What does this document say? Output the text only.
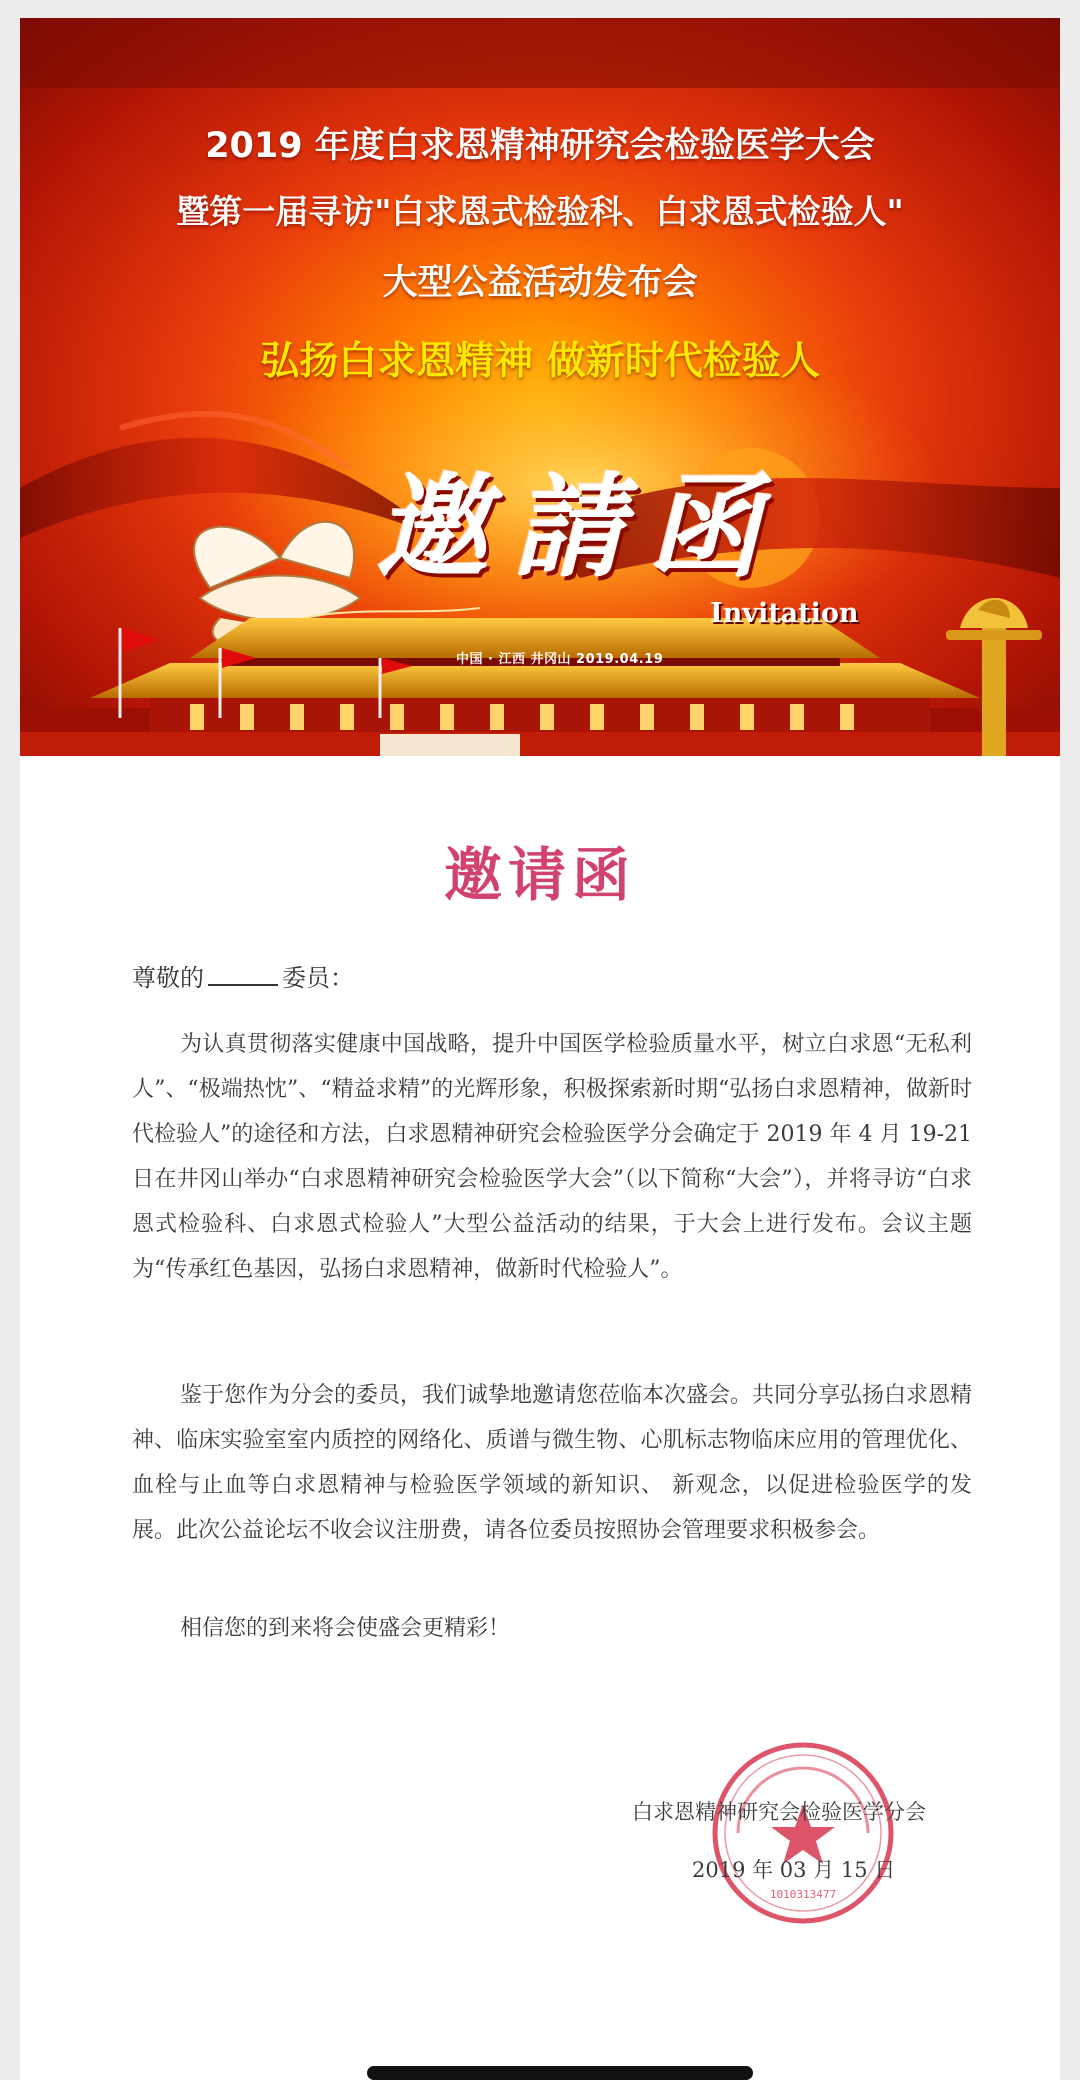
2019 年度白求恩精神研究会检验医学大会
暨第一届寻访"白求恩式检验科、白求恩式检验人"
大型公益活动发布会
弘扬白求恩精神 做新时代检验人
邀請函
Invitation
中国 · 江西 井冈山 2019.04.19
邀请函
尊敬的	委员：

为认真贯彻落实健康中国战略，提升中国医学检验质量水平，树立白求恩“无私利人”、“极端热忱”、“精益求精”的光辉形象，积极探索新时期“弘扬白求恩精神，做新时代检验人”的途径和方法，白求恩精神研究会检验医学分会确定于 2019 年 4 月 19-21 日在井冈山举办“白求恩精神研究会检验医学大会”（以下简称“大会”），并将寻访“白求恩式检验科、白求恩式检验人”大型公益活动的结果，于大会上进行发布。会议主题为“传承红色基因，弘扬白求恩精神，做新时代检验人”。

鉴于您作为分会的委员，我们诚挚地邀请您莅临本次盛会。共同分享弘扬白求恩精神、临床实验室室内质控的网络化、质谱与微生物、心肌标志物临床应用的管理优化、血栓与止血等白求恩精神与检验医学领域的新知识、 新观念，以促进检验医学的发展。此次公益论坛不收会议注册费，请各位委员按照协会管理要求积极参会。

相信您的到来将会使盛会更精彩！

1010313477
白求恩精神研究会检验医学分会
2019 年 03 月 15 日
